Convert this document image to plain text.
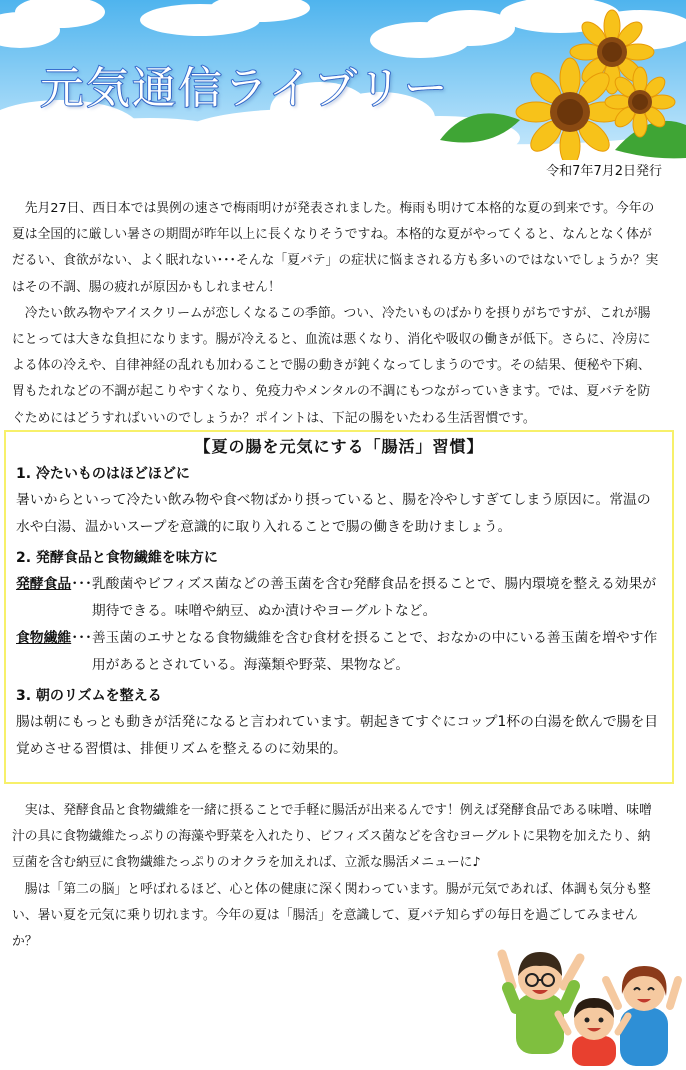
元気通信ライブリー
令和7年7月2日発行

先月27日、西日本では異例の速さで梅雨明けが発表されました。梅雨も明けて本格的な夏の到来です。今年の夏は全国的に厳しい暑さの期間が昨年以上に長くなりそうですね。本格的な夏がやってくると、なんとなく体がだるい、食欲がない、よく眠れない･･･そんな「夏バテ」の症状に悩まされる方も多いのではないでしょうか？実はその不調、腸の疲れが原因かもしれません！

冷たい飲み物やアイスクリームが恋しくなるこの季節。つい、冷たいものばかりを摂りがちですが、これが腸にとっては大きな負担になります。腸が冷えると、血流は悪くなり、消化や吸収の働きが低下。さらに、冷房による体の冷えや、自律神経の乱れも加わることで腸の動きが鈍くなってしまうのです。その結果、便秘や下痢、胃もたれなどの不調が起こりやすくなり、免疫力やメンタルの不調にもつながっていきます。では、夏バテを防ぐためにはどうすればいいのでしょうか？ポイントは、下記の腸をいたわる生活習慣です。

【夏の腸を元気にする「腸活」習慣】
1. 冷たいものはほどほどに

暑いからといって冷たい飲み物や食べ物ばかり摂っていると、腸を冷やしすぎてしまう原因に。常温の水や白湯、温かいスープを意識的に取り入れることで腸の働きを助けましょう。

2. 発酵食品と食物繊維を味方に
発酵食品 ･･･ 乳酸菌やビフィズス菌などの善玉菌を含む発酵食品を摂ることで、腸内環境を整える効果が期待できる。味噌や納豆、ぬか漬けやヨーグルトなど。
食物繊維 ･･･ 善玉菌のエサとなる食物繊維を含む食材を摂ることで、おなかの中にいる善玉菌を増やす作用があるとされている。海藻類や野菜、果物など。
3. 朝のリズムを整える

腸は朝にもっとも動きが活発になると言われています。朝起きてすぐにコップ1杯の白湯を飲んで腸を目覚めさせる習慣は、排便リズムを整えるのに効果的。

実は、発酵食品と食物繊維を一緒に摂ることで手軽に腸活が出来るんです！例えば発酵食品である味噌、味噌汁の具に食物繊維たっぷりの海藻や野菜を入れたり、ビフィズス菌などを含むヨーグルトに果物を加えたり、納豆菌を含む納豆に食物繊維たっぷりのオクラを加えれば、立派な腸活メニューに♪

腸は「第二の脳」と呼ばれるほど、心と体の健康に深く関わっています。腸が元気であれば、体調も気分も整い、暑い夏を元気に乗り切れます。今年の夏は「腸活」を意識して、夏バテ知らずの毎日を過ごしてみませんか？
